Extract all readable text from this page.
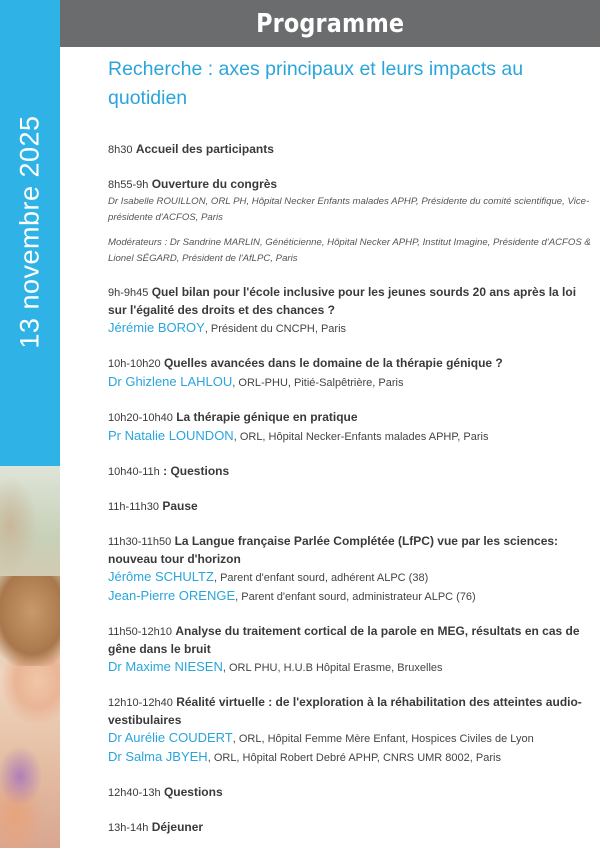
13 novembre 2025
Programme
Recherche : axes principaux et leurs impacts au quotidien
8h30 Accueil des participants
8h55-9h Ouverture du congrès
Dr Isabelle ROUILLON, ORL PH, Hôpital Necker Enfants malades APHP, Présidente du comité scientifique, Vice-présidente d'ACFOS, Paris
Modérateurs : Dr Sandrine MARLIN, Généticienne, Hôpital Necker APHP, Institut Imagine, Présidente d'ACFOS & Lionel SÉGARD, Président de l'AfLPC, Paris
9h-9h45 Quel bilan pour l'école inclusive pour les jeunes sourds 20 ans après la loi sur l'égalité des droits et des chances ?
Jérémie BOROY, Président du CNCPH, Paris
10h-10h20 Quelles avancées dans le domaine de la thérapie génique ?
Dr Ghizlene LAHLOU, ORL-PHU, Pitié-Salpêtrière, Paris
10h20-10h40 La thérapie génique en pratique
Pr Natalie LOUNDON, ORL, Hôpital Necker-Enfants malades APHP, Paris
10h40-11h : Questions
11h-11h30 Pause
11h30-11h50 La Langue française Parlée Complétée (LfPC) vue par les sciences: nouveau tour d'horizon
Jérôme SCHULTZ, Parent d'enfant sourd, adhérent ALPC (38)
Jean-Pierre ORENGE, Parent d'enfant sourd, administrateur ALPC (76)
11h50-12h10 Analyse du traitement cortical de la parole en MEG, résultats en cas de gêne dans le bruit
Dr Maxime NIESEN, ORL PHU, H.U.B Hôpital Erasme, Bruxelles
12h10-12h40 Réalité virtuelle : de l'exploration à la réhabilitation des atteintes audio- vestibulaires
Dr Aurélie COUDERT, ORL, Hôpital Femme Mère Enfant, Hospices Civiles de Lyon
Dr Salma JBYEH, ORL, Hôpital Robert Debré APHP, CNRS UMR 8002, Paris
12h40-13h Questions
13h-14h Déjeuner
